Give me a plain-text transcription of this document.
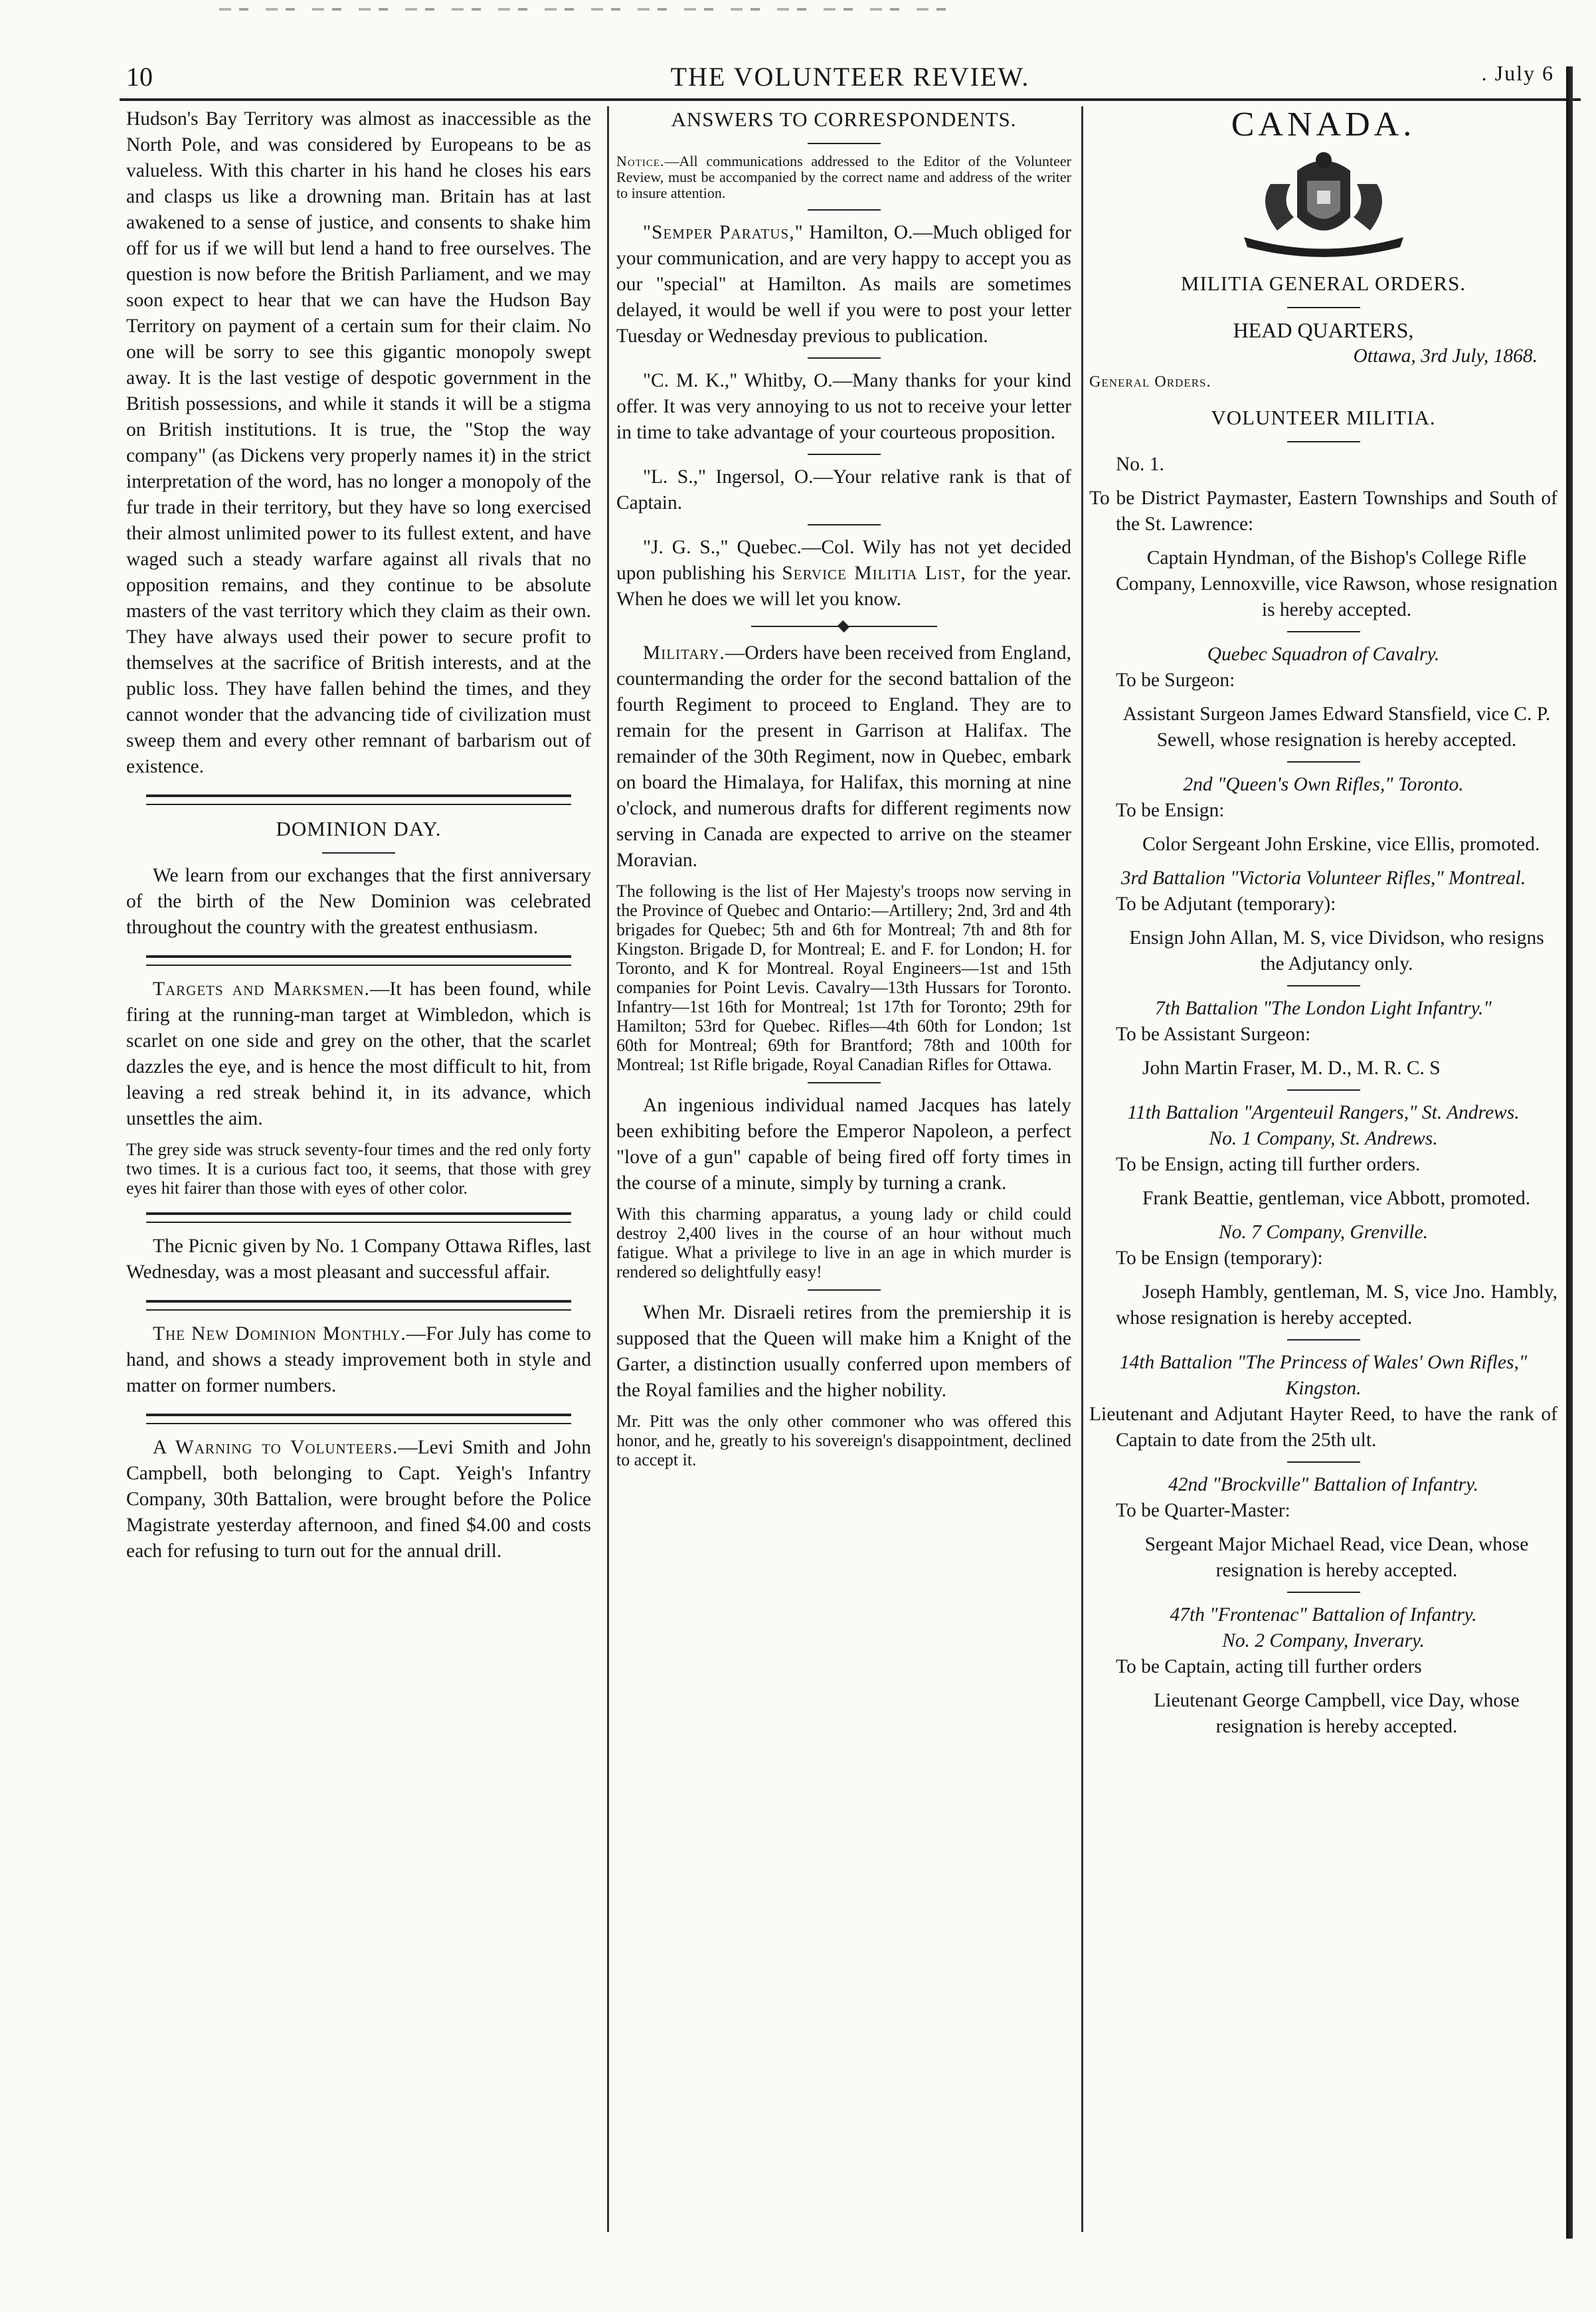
10	THE VOLUNTEER REVIEW.	. July 6

Hudson's Bay Territory was almost as inaccessible as the North Pole, and was considered by Europeans to be as valueless. With this charter in his hand he closes his ears and clasps us like a drowning man. Britain has at last awakened to a sense of justice, and consents to shake him off for us if we will but lend a hand to free ourselves. The question is now before the British Parliament, and we may soon expect to hear that we can have the Hudson Bay Territory on payment of a certain sum for their claim. No one will be sorry to see this gigantic monopoly swept away. It is the last vestige of despotic government in the British possessions, and while it stands it will be a stigma on British institutions. It is true, the "Stop the way company" (as Dickens very properly names it) in the strict interpretation of the word, has no longer a monopoly of the fur trade in their territory, but they have so long exercised their almost unlimited power to its fullest extent, and have waged such a steady warfare against all rivals that no opposition remains, and they continue to be absolute masters of the vast territory which they claim as their own. They have always used their power to secure profit to themselves at the sacrifice of British interests, and at the public loss. They have fallen behind the times, and they cannot wonder that the advancing tide of civilization must sweep them and every other remnant of barbarism out of existence.

DOMINION DAY.

We learn from our exchanges that the first anniversary of the birth of the New Dominion was celebrated throughout the country with the greatest enthusiasm.

Targets and Marksmen.—It has been found, while firing at the running-man target at Wimbledon, which is scarlet on one side and grey on the other, that the scarlet dazzles the eye, and is hence the most difficult to hit, from leaving a red streak behind it, in its advance, which unsettles the aim.

The grey side was struck seventy-four times and the red only forty two times. It is a curious fact too, it seems, that those with grey eyes hit fairer than those with eyes of other color.

The Picnic given by No. 1 Company Ottawa Rifles, last Wednesday, was a most pleasant and successful affair.

The New Dominion Monthly.—For July has come to hand, and shows a steady improvement both in style and matter on former numbers.

A Warning to Volunteers.—Levi Smith and John Campbell, both belonging to Capt. Yeigh's Infantry Company, 30th Battalion, were brought before the Police Magistrate yesterday afternoon, and fined $4.00 and costs each for refusing to turn out for the annual drill.

ANSWERS TO CORRESPONDENTS.

Notice.—All communications addressed to the Editor of the Volunteer Review, must be accompanied by the correct name and address of the writer to insure attention.

"Semper Paratus," Hamilton, O.—Much obliged for your communication, and are very happy to accept you as our "special" at Hamilton. As mails are sometimes delayed, it would be well if you were to post your letter Tuesday or Wednesday previous to publication.

"C. M. K.," Whitby, O.—Many thanks for your kind offer. It was very annoying to us not to receive your letter in time to take advantage of your courteous proposition.

"L. S.," Ingersol, O.—Your relative rank is that of Captain.

"J. G. S.," Quebec.—Col. Wily has not yet decided upon publishing his Service Militia List, for the year. When he does we will let you know.

Military.—Orders have been received from England, countermanding the order for the second battalion of the fourth Regiment to proceed to England. They are to remain for the present in Garrison at Halifax. The remainder of the 30th Regiment, now in Quebec, embark on board the Himalaya, for Halifax, this morning at nine o'clock, and numerous drafts for different regiments now serving in Canada are expected to arrive on the steamer Moravian.

The following is the list of Her Majesty's troops now serving in the Province of Quebec and Ontario:—Artillery; 2nd, 3rd and 4th brigades for Quebec; 5th and 6th for Montreal; 7th and 8th for Kingston. Brigade D, for Montreal; E. and F. for London; H. for Toronto, and K for Montreal. Royal Engineers—1st and 15th companies for Point Levis. Cavalry—13th Hussars for Toronto. Infantry—1st 16th for Montreal; 1st 17th for Toronto; 29th for Hamilton; 53rd for Quebec. Rifles—4th 60th for London; 1st 60th for Montreal; 69th for Brantford; 78th and 100th for Montreal; 1st Rifle brigade, Royal Canadian Rifles for Ottawa.

An ingenious individual named Jacques has lately been exhibiting before the Emperor Napoleon, a perfect "love of a gun" capable of being fired off forty times in the course of a minute, simply by turning a crank.

With this charming apparatus, a young lady or child could destroy 2,400 lives in the course of an hour without much fatigue. What a privilege to live in an age in which murder is rendered so delightfully easy!

When Mr. Disraeli retires from the premiership it is supposed that the Queen will make him a Knight of the Garter, a distinction usually conferred upon members of the Royal families and the higher nobility.

Mr. Pitt was the only other commoner who was offered this honor, and he, greatly to his sovereign's disappointment, declined to accept it.

CANADA.
MILITIA GENERAL ORDERS.
HEAD QUARTERS,
Ottawa, 3rd July, 1868.
General Orders.
VOLUNTEER MILITIA.

No. 1.

To be District Paymaster, Eastern Townships and South of the St. Lawrence:

Captain Hyndman, of the Bishop's College Rifle Company, Lennoxville, vice Rawson, whose resignation is hereby accepted.

Quebec Squadron of Cavalry.

To be Surgeon:

Assistant Surgeon James Edward Stansfield, vice C. P. Sewell, whose resignation is hereby accepted.

2nd "Queen's Own Rifles," Toronto.

To be Ensign:

Color Sergeant John Erskine, vice Ellis, promoted.

3rd Battalion "Victoria Volunteer Rifles," Montreal.

To be Adjutant (temporary):

Ensign John Allan, M. S, vice Dividson, who resigns the Adjutancy only.

7th Battalion "The London Light Infantry."

To be Assistant Surgeon:

John Martin Fraser, M. D., M. R. C. S

11th Battalion "Argenteuil Rangers," St. Andrews.
No. 1 Company, St. Andrews.

To be Ensign, acting till further orders.

Frank Beattie, gentleman, vice Abbott, promoted.

No. 7 Company, Grenville.

To be Ensign (temporary):

Joseph Hambly, gentleman, M. S, vice Jno. Hambly, whose resignation is hereby accepted.

14th Battalion "The Princess of Wales' Own Rifles," Kingston.

Lieutenant and Adjutant Hayter Reed, to have the rank of Captain to date from the 25th ult.

42nd "Brockville" Battalion of Infantry.

To be Quarter-Master:

Sergeant Major Michael Read, vice Dean, whose resignation is hereby accepted.

47th "Frontenac" Battalion of Infantry.
No. 2 Company, Inverary.

To be Captain, acting till further orders

Lieutenant George Campbell, vice Day, whose resignation is hereby accepted.
